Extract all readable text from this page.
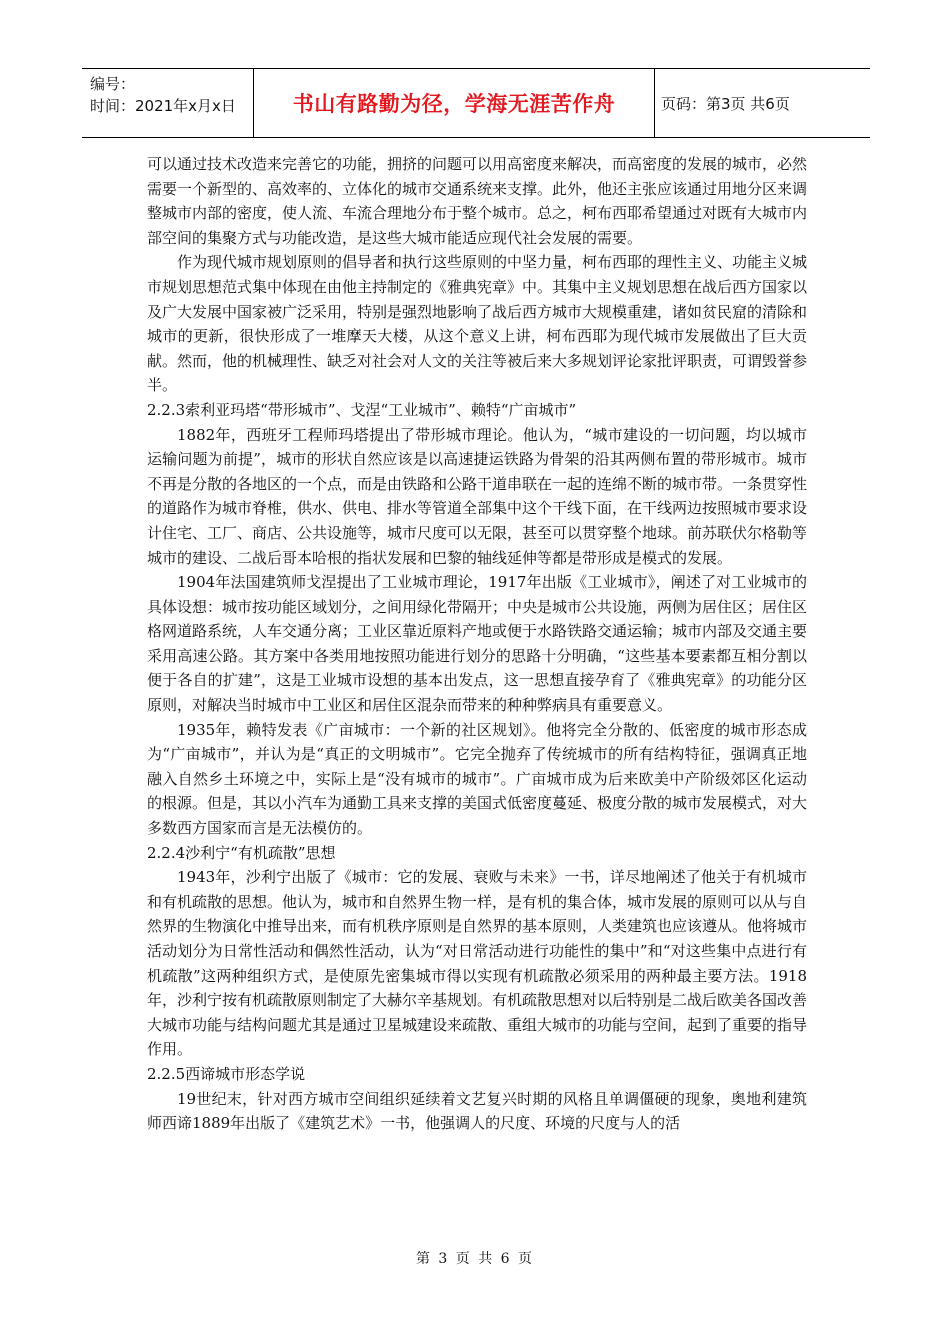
编号：
时间：2021年x月x日	书山有路勤为径，学海无涯苦作舟	页码：第3页 共6页

可以通过技术改造来完善它的功能，拥挤的问题可以用高密度来解决，而高密度的发展的城市，必然需要一个新型的、高效率的、立体化的城市交通系统来支撑。此外，他还主张应该通过用地分区来调整城市内部的密度，使人流、车流合理地分布于整个城市。总之，柯布西耶希望通过对既有大城市内部空间的集聚方式与功能改造，是这些大城市能适应现代社会发展的需要。

作为现代城市规划原则的倡导者和执行这些原则的中坚力量，柯布西耶的理性主义、功能主义城市规划思想范式集中体现在由他主持制定的《雅典宪章》中。其集中主义规划思想在战后西方国家以及广大发展中国家被广泛采用，特别是强烈地影响了战后西方城市大规模重建，诸如贫民窟的清除和城市的更新，很快形成了一堆摩天大楼，从这个意义上讲，柯布西耶为现代城市发展做出了巨大贡献。然而，他的机械理性、缺乏对社会对人文的关注等被后来大多规划评论家批评职责，可谓毁誉参半。

2.2.3索利亚玛塔“带形城市”、戈涅“工业城市”、赖特“广亩城市”

1882年，西班牙工程师玛塔提出了带形城市理论。他认为，“城市建设的一切问题，均以城市运输问题为前提”，城市的形状自然应该是以高速捷运铁路为骨架的沿其两侧布置的带形城市。城市不再是分散的各地区的一个点，而是由铁路和公路干道串联在一起的连绵不断的城市带。一条贯穿性的道路作为城市脊椎，供水、供电、排水等管道全部集中这个干线下面，在干线两边按照城市要求设计住宅、工厂、商店、公共设施等，城市尺度可以无限，甚至可以贯穿整个地球。前苏联伏尔格勒等城市的建设、二战后哥本哈根的指状发展和巴黎的轴线延伸等都是带形成是模式的发展。

1904年法国建筑师戈涅提出了工业城市理论，1917年出版《工业城市》，阐述了对工业城市的具体设想：城市按功能区域划分，之间用绿化带隔开；中央是城市公共设施，两侧为居住区；居住区格网道路系统，人车交通分离；工业区靠近原料产地或便于水路铁路交通运输；城市内部及交通主要采用高速公路。其方案中各类用地按照功能进行划分的思路十分明确，“这些基本要素都互相分割以便于各自的扩建”，这是工业城市设想的基本出发点，这一思想直接孕育了《雅典宪章》的功能分区原则，对解决当时城市中工业区和居住区混杂而带来的种种弊病具有重要意义。

1935年，赖特发表《广亩城市：一个新的社区规划》。他将完全分散的、低密度的城市形态成为“广亩城市”，并认为是“真正的文明城市”。它完全抛弃了传统城市的所有结构特征，强调真正地融入自然乡土环境之中，实际上是“没有城市的城市”。广亩城市成为后来欧美中产阶级郊区化运动的根源。但是，其以小汽车为通勤工具来支撑的美国式低密度蔓延、极度分散的城市发展模式，对大多数西方国家而言是无法模仿的。

2.2.4沙利宁“有机疏散”思想

1943年，沙利宁出版了《城市：它的发展、衰败与未来》一书，详尽地阐述了他关于有机城市和有机疏散的思想。他认为，城市和自然界生物一样，是有机的集合体，城市发展的原则可以从与自然界的生物演化中推导出来，而有机秩序原则是自然界的基本原则，人类建筑也应该遵从。他将城市活动划分为日常性活动和偶然性活动，认为“对日常活动进行功能性的集中”和“对这些集中点进行有机疏散”这两种组织方式，是使原先密集城市得以实现有机疏散必须采用的两种最主要方法。1918年，沙利宁按有机疏散原则制定了大赫尔辛基规划。有机疏散思想对以后特别是二战后欧美各国改善大城市功能与结构问题尤其是通过卫星城建设来疏散、重组大城市的功能与空间，起到了重要的指导作用。

2.2.5西谛城市形态学说

19世纪末，针对西方城市空间组织延续着文艺复兴时期的风格且单调僵硬的现象，奥地利建筑师西谛1889年出版了《建筑艺术》一书，他强调人的尺度、环境的尺度与人的活

第 3 页 共 6 页
